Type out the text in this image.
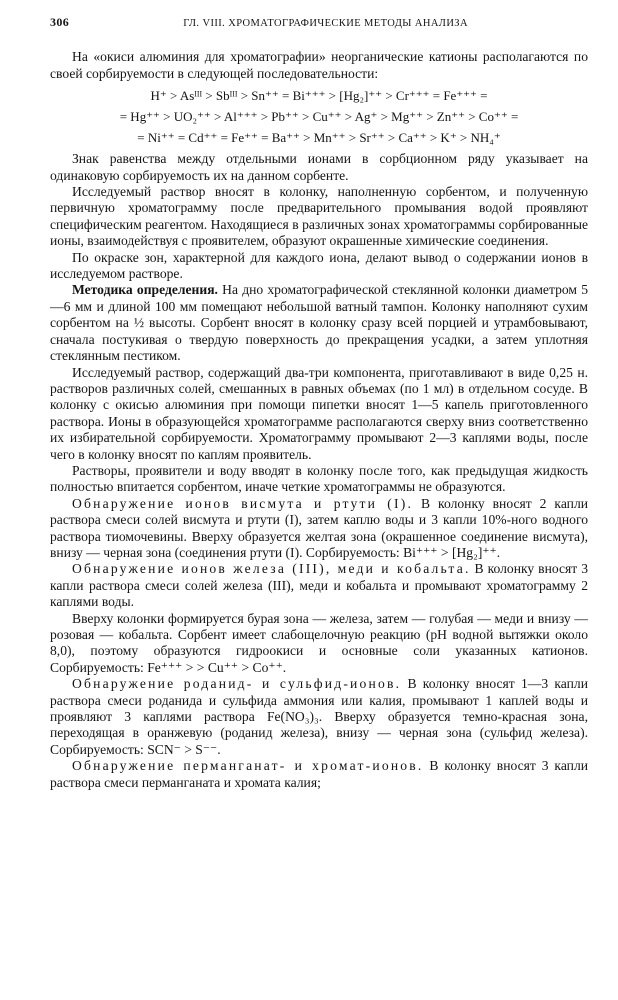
306	ГЛ. VIII. ХРОМАТОГРАФИЧЕСКИЕ МЕТОДЫ АНАЛИЗА

На «окиси алюминия для хроматографии» неорганические катионы располагаются по своей сорбируемости в следующей последовательности:

H⁺ > Asᴵᴵᴵ > Sbᴵᴵᴵ > Sn⁺⁺ = Bi⁺⁺⁺ > [Hg₂]⁺⁺ > Cr⁺⁺⁺ = Fe⁺⁺⁺ =
= Hg⁺⁺ > UO₂⁺⁺ > Al⁺⁺⁺ > Pb⁺⁺ > Cu⁺⁺ > Ag⁺ > Mg⁺⁺ > Zn⁺⁺ > Co⁺⁺ =
= Ni⁺⁺ = Cd⁺⁺ = Fe⁺⁺ = Ba⁺⁺ > Mn⁺⁺ > Sr⁺⁺ > Ca⁺⁺ > K⁺ > NH₄⁺

Знак равенства между отдельными ионами в сорбционном ряду указывает на одинаковую сорбируемость их на данном сорбенте.

Исследуемый раствор вносят в колонку, наполненную сорбентом, и полученную первичную хроматограмму после предварительного промывания водой проявляют специфическим реагентом. Находящиеся в различных зонах хроматограммы сорбированные ионы, взаимодействуя с проявителем, образуют окрашенные химические соединения.

По окраске зон, характерной для каждого иона, делают вывод о содержании ионов в исследуемом растворе.

Методика определения. На дно хроматографической стеклянной колонки диаметром 5—6 мм и длиной 100 мм помещают небольшой ватный тампон. Колонку наполняют сухим сорбентом на ½ высоты. Сорбент вносят в колонку сразу всей порцией и утрамбовывают, сначала постукивая о твердую поверхность до прекращения усадки, а затем уплотняя стеклянным пестиком.

Исследуемый раствор, содержащий два-три компонента, приготавливают в виде 0,25 н. растворов различных солей, смешанных в равных объемах (по 1 мл) в отдельном сосуде. В колонку с окисью алюминия при помощи пипетки вносят 1—5 капель приготовленного раствора. Ионы в образующейся хроматограмме располагаются сверху вниз соответственно их избирательной сорбируемости. Хроматограмму промывают 2—3 каплями воды, после чего в колонку вносят по каплям проявитель.

Растворы, проявители и воду вводят в колонку после того, как предыдущая жидкость полностью впитается сорбентом, иначе четкие хроматограммы не образуются.

Обнаружение ионов висмута и ртути (I). В колонку вносят 2 капли раствора смеси солей висмута и ртути (I), затем каплю воды и 3 капли 10%-ного водного раствора тиомочевины. Вверху образуется желтая зона (окрашенное соединение висмута), внизу — черная зона (соединения ртути (I). Сорбируемость: Bi⁺⁺⁺ > [Hg₂]⁺⁺.

Обнаружение ионов железа (III), меди и кобальта. В колонку вносят 3 капли раствора смеси солей железа (III), меди и кобальта и промывают хроматограмму 2 каплями воды.

Вверху колонки формируется бурая зона — железа, затем — голубая — меди и внизу — розовая — кобальта. Сорбент имеет слабощелочную реакцию (pH водной вытяжки около 8,0), поэтому образуются гидроокиси и основные соли указанных катионов. Сорбируемость: Fe⁺⁺⁺ > > Cu⁺⁺ > Co⁺⁺.

Обнаружение роданид- и сульфид-ионов. В колонку вносят 1—3 капли раствора смеси роданида и сульфида аммония или калия, промывают 1 каплей воды и проявляют 3 каплями раствора Fe(NO₃)₃. Вверху образуется темно-красная зона, переходящая в оранжевую (роданид железа), внизу — черная зона (сульфид железа). Сорбируемость: SCN⁻ > S⁻⁻.

Обнаружение перманганат- и хромат-ионов. В колонку вносят 3 капли раствора смеси перманганата и хромата калия;
